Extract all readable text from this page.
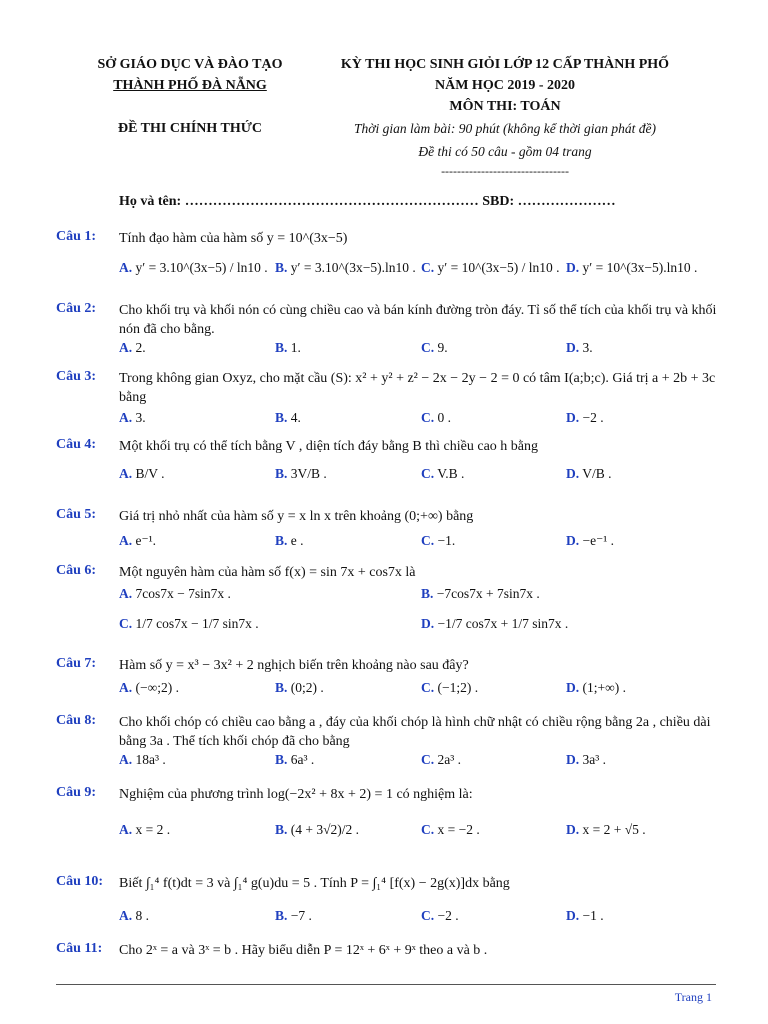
SỞ GIÁO DỤC VÀ ĐÀO TẠO
THÀNH PHỐ ĐÀ NẴNG
ĐỀ THI CHÍNH THỨC
KỲ THI HỌC SINH GIỎI LỚP 12 CẤP THÀNH PHỐ
NĂM HỌC 2019 - 2020
MÔN THI: TOÁN
Thời gian làm bài: 90 phút (không kể thời gian phát đề)
Đề thi có 50 câu - gồm 04 trang
--------------------------------
Họ và tên: ……………………………………………………… SBD: …………………
Câu 1: Tính đạo hàm của hàm số y = 10^(3x−5)
A. y′ = 3.10^(3x−5) / ln10 . B. y′ = 3.10^(3x−5).ln10 . C. y′ = 10^(3x−5) / ln10 . D. y′ = 10^(3x−5).ln10 .
Câu 2: Cho khối trụ và khối nón có cùng chiều cao và bán kính đường tròn đáy. Tỉ số thể tích của khối trụ và khối nón đã cho bằng.
A. 2.	B. 1.	C. 9.	D. 3.
Câu 3: Trong không gian Oxyz, cho mặt cầu (S): x² + y² + z² − 2x − 2y − 2 = 0 có tâm I(a;b;c). Giá trị a + 2b + 3c bằng
A. 3.	B. 4.	C. 0 .	D. −2 .
Câu 4: Một khối trụ có thể tích bằng V , diện tích đáy bằng B thì chiều cao h bằng
A. B/V .	B. 3V/B .	C. V.B .	D. V/B .
Câu 5: Giá trị nhỏ nhất của hàm số y = x ln x trên khoảng (0;+∞) bằng
A. e⁻¹.	B. e .	C. −1.	D. −e⁻¹ .
Câu 6: Một nguyên hàm của hàm số f(x) = sin 7x + cos7x là
A. 7cos7x − 7sin7x .	B. −7cos7x + 7sin7x .
C. 1/7 cos7x − 1/7 sin7x .	D. −1/7 cos7x + 1/7 sin7x .
Câu 7: Hàm số y = x³ − 3x² + 2 nghịch biến trên khoảng nào sau đây?
A. (−∞;2) .	B. (0;2) .	C. (−1;2) .	D. (1;+∞) .
Câu 8: Cho khối chóp có chiều cao bằng a , đáy của khối chóp là hình chữ nhật có chiều rộng bằng 2a , chiều dài bằng 3a . Thể tích khối chóp đã cho bằng
A. 18a³ .	B. 6a³ .	C. 2a³ .	D. 3a³ .
Câu 9: Nghiệm của phương trình log(−2x² + 8x + 2) = 1 có nghiệm là:
A. x = 2 .	B. (4 + 3√2)/2 .	C. x = −2 .	D. x = 2 + √5 .
Câu 10: Biết ∫₁⁴ f(t)dt = 3 và ∫₁⁴ g(u)du = 5 . Tính P = ∫₁⁴ [f(x) − 2g(x)]dx bằng
A. 8 .	B. −7 .	C. −2 .	D. −1 .
Câu 11: Cho 2ˣ = a và 3ˣ = b . Hãy biểu diễn P = 12ˣ + 6ˣ + 9ˣ theo a và b .
Trang 1
